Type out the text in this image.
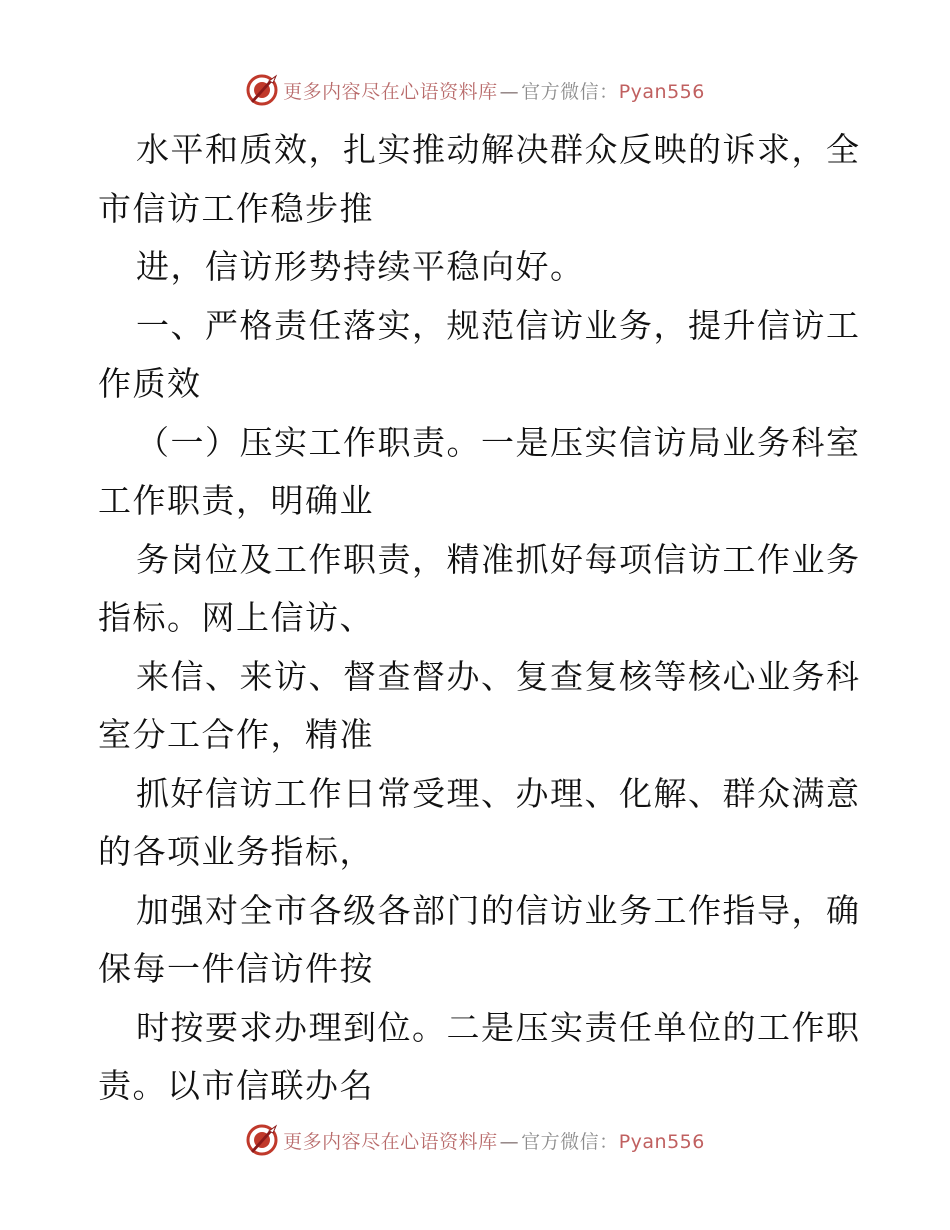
更多内容尽在心语资料库 — 官方微信：Pyan556

水平和质效，扎实推动解决群众反映的诉求，全

市信访工作稳步推

进，信访形势持续平稳向好。

一、严格责任落实，规范信访业务，提升信访工

作质效

（一）压实工作职责。一是压实信访局业务科室

工作职责，明确业

务岗位及工作职责，精准抓好每项信访工作业务

指标。网上信访、

来信、来访、督查督办、复查复核等核心业务科

室分工合作，精准

抓好信访工作日常受理、办理、化解、群众满意

的各项业务指标，

加强对全市各级各部门的信访业务工作指导，确

保每一件信访件按

时按要求办理到位。二是压实责任单位的工作职

责。以市信联办名

更多内容尽在心语资料库 — 官方微信：Pyan556
